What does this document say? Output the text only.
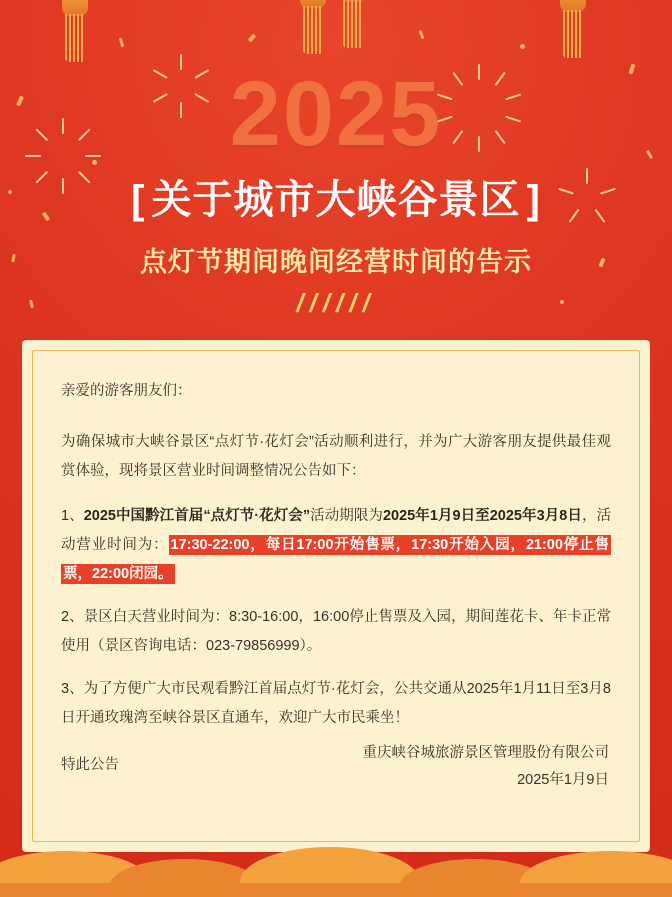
2025
[ 关于城市大峡谷景区 ]
点灯节期间晚间经营时间的告示
//////

亲爱的游客朋友们：

为确保城市大峡谷景区“点灯节·花灯会”活动顺利进行，并为广大游客朋友提供最佳观赏体验，现将景区营业时间调整情况公告如下：

1、2025中国黔江首届“点灯节·花灯会”活动期限为2025年1月9日至2025年3月8日，活动营业时间为： 17:30-22:00，每日17:00开始售票，17:30开始入园，21:00停止售票，22:00闭园。

2、景区白天营业时间为：8:30-16:00，16:00停止售票及入园，期间莲花卡、年卡正常使用（景区咨询电话：023-79856999）。

3、为了方便广大市民观看黔江首届点灯节·花灯会，公共交通从2025年1月11日至3月8日开通玫瑰湾至峡谷景区直通车，欢迎广大市民乘坐！

特此公告

重庆峡谷城旅游景区管理股份有限公司
2025年1月9日
